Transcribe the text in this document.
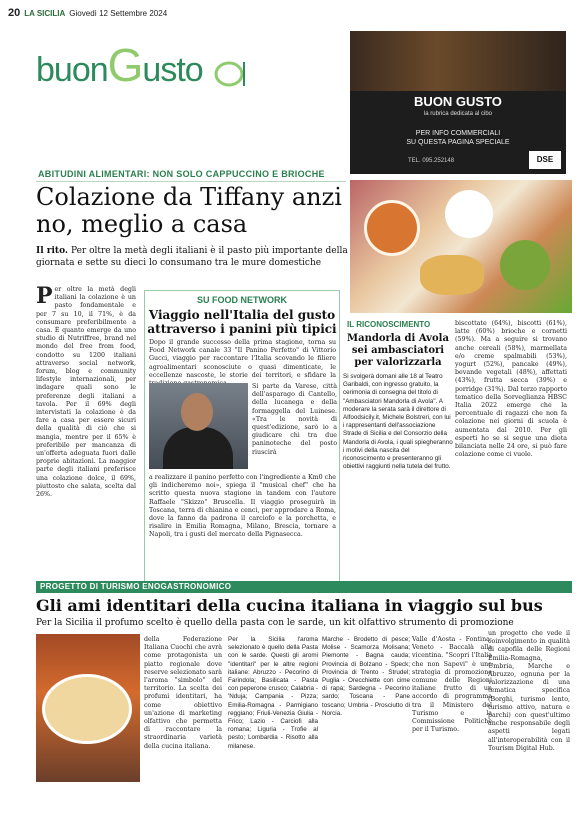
20 LA SICILIA Giovedì 12 Settembre 2024
buonGusto
BUON GUSTO
la rubrica dedicata al cibo
PER INFO COMMERCIALI
SU QUESTA PAGINA SPECIALE
TEL. 095.252148	DSE
ABITUDINI ALIMENTARI: NON SOLO CAPPUCCINO E BRIOCHE
Colazione da Tiffany anzi no, meglio a casa
Il rito. Per oltre la metà degli italiani è il pasto più importante della giornata e sette su dieci lo consumano tra le mure domestiche
Per oltre la metà degli italiani la colazione è un pasto fondamentale e per 7 su 10, il 71%, è da consumare preferibilmente a casa. È quanto emerge da uno studio di Nutriffree, brand nel mondo del free from food, condotto su 1200 italiani attraverso social network, forum, blog e community lifestyle internazionali, per indagare quali sono le preferenze degli italiani a tavola. Per il 69% degli intervistati la colazione è da fare a casa per essere sicuri della qualità di ciò che si mangia, mentre per il 65% è preferibile per mancanza di un'offerta adeguata fuori dalle proprie abitazioni. La maggior parte degli italiani preferisce una colazione dolce, il 69%, piuttosto che salata, scelta dal 26%.
SU FOOD NETWORK
Viaggio nell'Italia del gusto attraverso i panini più tipici
Dopo il grande successo della prima stagione, torna su Food Network canale 33 "Il Panino Perfetto" di Vittorio Gucci, viaggio per raccontare l'Italia scovando le filiere agroalimentari sconosciute o quasi dimenticate, le eccellenze nascoste, le storie dei territori, e sfidare la
Si parte da Varese, città dell'asparago di Cantello, della lucanega e della formaggella del Luinese. «Tra le novità di quest'edizione, sarò io a giudicare chi tra due paninoteche del posto riuscirà
a realizzare il panino perfetto con l'ingrediente a Km0 che gli indicheremo noi», spiega il "musical chef" che ha scritto questa nuova stagione in tandem con l'autore Raffaele "Skizzo" Bruscella. Il viaggio proseguirà in Toscana, terra di chianina e cenci, per approdare a Roma, dove la fanno da padrona il carciofo e la porchetta, e risalire in Emilia Romagna, Milano, Brescia, tornare a Napoli, tra i gusti del mercato della Pignasecca.
IL RICONOSCIMENTO
Mandorla di Avola sei ambasciatori per valorizzarla
Si svolgerà domani alle 18 al Teatro Garibaldi, con ingresso gratuito, la cerimonia di consegna del titolo di "Ambasciatori Mandorla di Avola". A moderare la serata sarà il direttore di Alfoodsicily.it, Michele Bolstreri, con lui i rappresentanti dell'associazione Strade di Sicilia e del Consorzio della Mandorla di Avola, i quali spiegheranno i motivi della nascita del riconoscimento e presenteranno gli obiettivi raggiunti nella tutela del frutto.
biscottate (64%), biscotti (61%), latte (60%) brioche e cornetti (59%). Ma a seguire si trovano anche cereali (58%), marmellata e/o creme spalmabili (53%), yogurt (52%), pancake (49%), bevande vegetali (48%), affettati (43%), frutta secca (39%) e porridge (31%). Dal terzo rapporto tematico della Sorveglianza HBSC Italia 2022 emerge che la percentuale di ragazzi che non fa colazione nei giorni di scuola è aumentata dal 2010. Per gli esperti ho se si segue una dieta bilanciata nelle 24 ore, si può fare colazione come ci vuole.
PROGETTO DI TURISMO ENOGASTRONOMICO
Gli ami identitari della cucina italiana in viaggio sul bus
Per la Sicilia il profumo scelto è quello della pasta con le sarde, un kit olfattivo strumento di promozione
della Federazione Italiana Cuochi che avrà come protagonista un piatto regionale dove reserve selezionato sarà l'aroma "simbolo" del territorio. La scelta dei profumi identitari, ha come obiettivo un'azione di marketing olfattivo che permetta di raccontare la straordinaria varietà della cucina italiana.
Per la Sicilia l'aroma selezionato è quello della Pasta con le sarde. Questi gli aromi "identitari" per le altre regioni italiane: Abruzzo - Pecorino di Farindola; Basilicata - Pasta con peperone crusco; Calabria - 'Nduja; Campania - Pizza; Emilia-Romagna - Parmigiano reggiano; Friuli-Venezia Giulia - Frico; Lazio - Carciofi alla romana; Liguria - Trofie al pesto; Lombardia - Risotto alla milanese.
Marche - Brodetto di pesce; Molise - Scamorza Molisana; Piemonte - Bagna cauda; Provincia di Bolzano - Speck; Provincia di Trento - Strudel; Puglia - Orecchiette con cime di rapa; Sardegna - Pecorino sardo; Toscana - Pane toscano; Umbria - Prosciutto di Norcia.
Valle d'Aosta - Fontina; Veneto - Baccalà alla vicentina. "Scopri l'Italia che non Sapevi" è una strategia di promozione comune delle Regioni italiane frutto di un accordo di programma tra il Ministero del Turismo e la Commissione Politiche per il Turismo.
un progetto che vede il coinvolgimento in qualità di capofila delle Regioni Emilia-Romagna, Umbria, Marche e Abruzzo, ognuna per la valorizzazione di una tematica specifica (Borghi, turismo lento, turismo attivo, natura e parchi) con quest'ultimo anche responsabile degli aspetti legati all'interoperabilità con il Tourism Digital Hub.
